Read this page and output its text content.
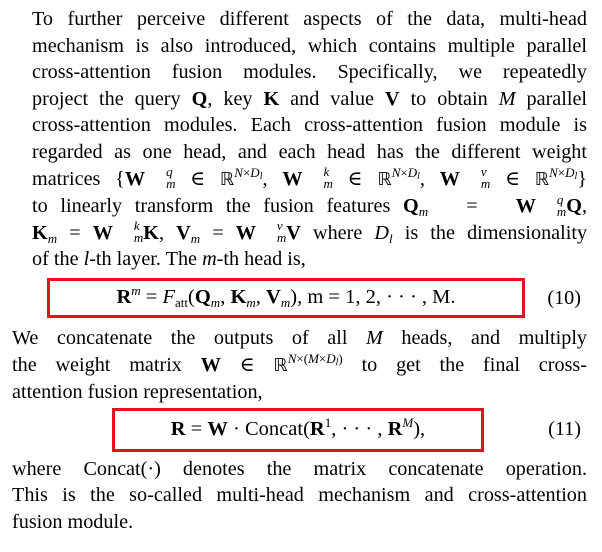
To further perceive different aspects of the data, multi-head
mechanism is also introduced, which contains multiple parallel
cross-attention fusion modules. Specifically, we repeatedly
project the query Q, key K and value V to obtain M parallel
cross-attention modules. Each cross-attention fusion module is
regarded as one head, and each head has the different weight
matrices {W	q
m ∈ ℝ$^{N\times D_l}$, W	k
m ∈ ℝ$^{N\times D_l}$, W	v
m ∈ ℝ$^{N\times D_l}$}
to linearly transform the fusion features $Q_m = W$	q
m Q,
$K_m = W$	k
m K, $V_m = W$	v
m V where $D_l$ is the dimensionality
of the l-th layer. The m-th head is,

$R^m = F_{att}(Q_m$, $K_m$, $V_m$), m = 1, 2, · · · , M.	(10)

We concatenate the outputs of all M heads, and multiply
the weight matrix W ∈ ℝ$^{N\times(M\times D_l)}$ to get the final cross-
attention fusion representation,

$R = W \cdot Concat(R^1$, · · · , $R^M$),	(11)

where Concat(·) denotes the matrix concatenate operation.
This is the so-called multi-head mechanism and cross-attention
fusion module.
